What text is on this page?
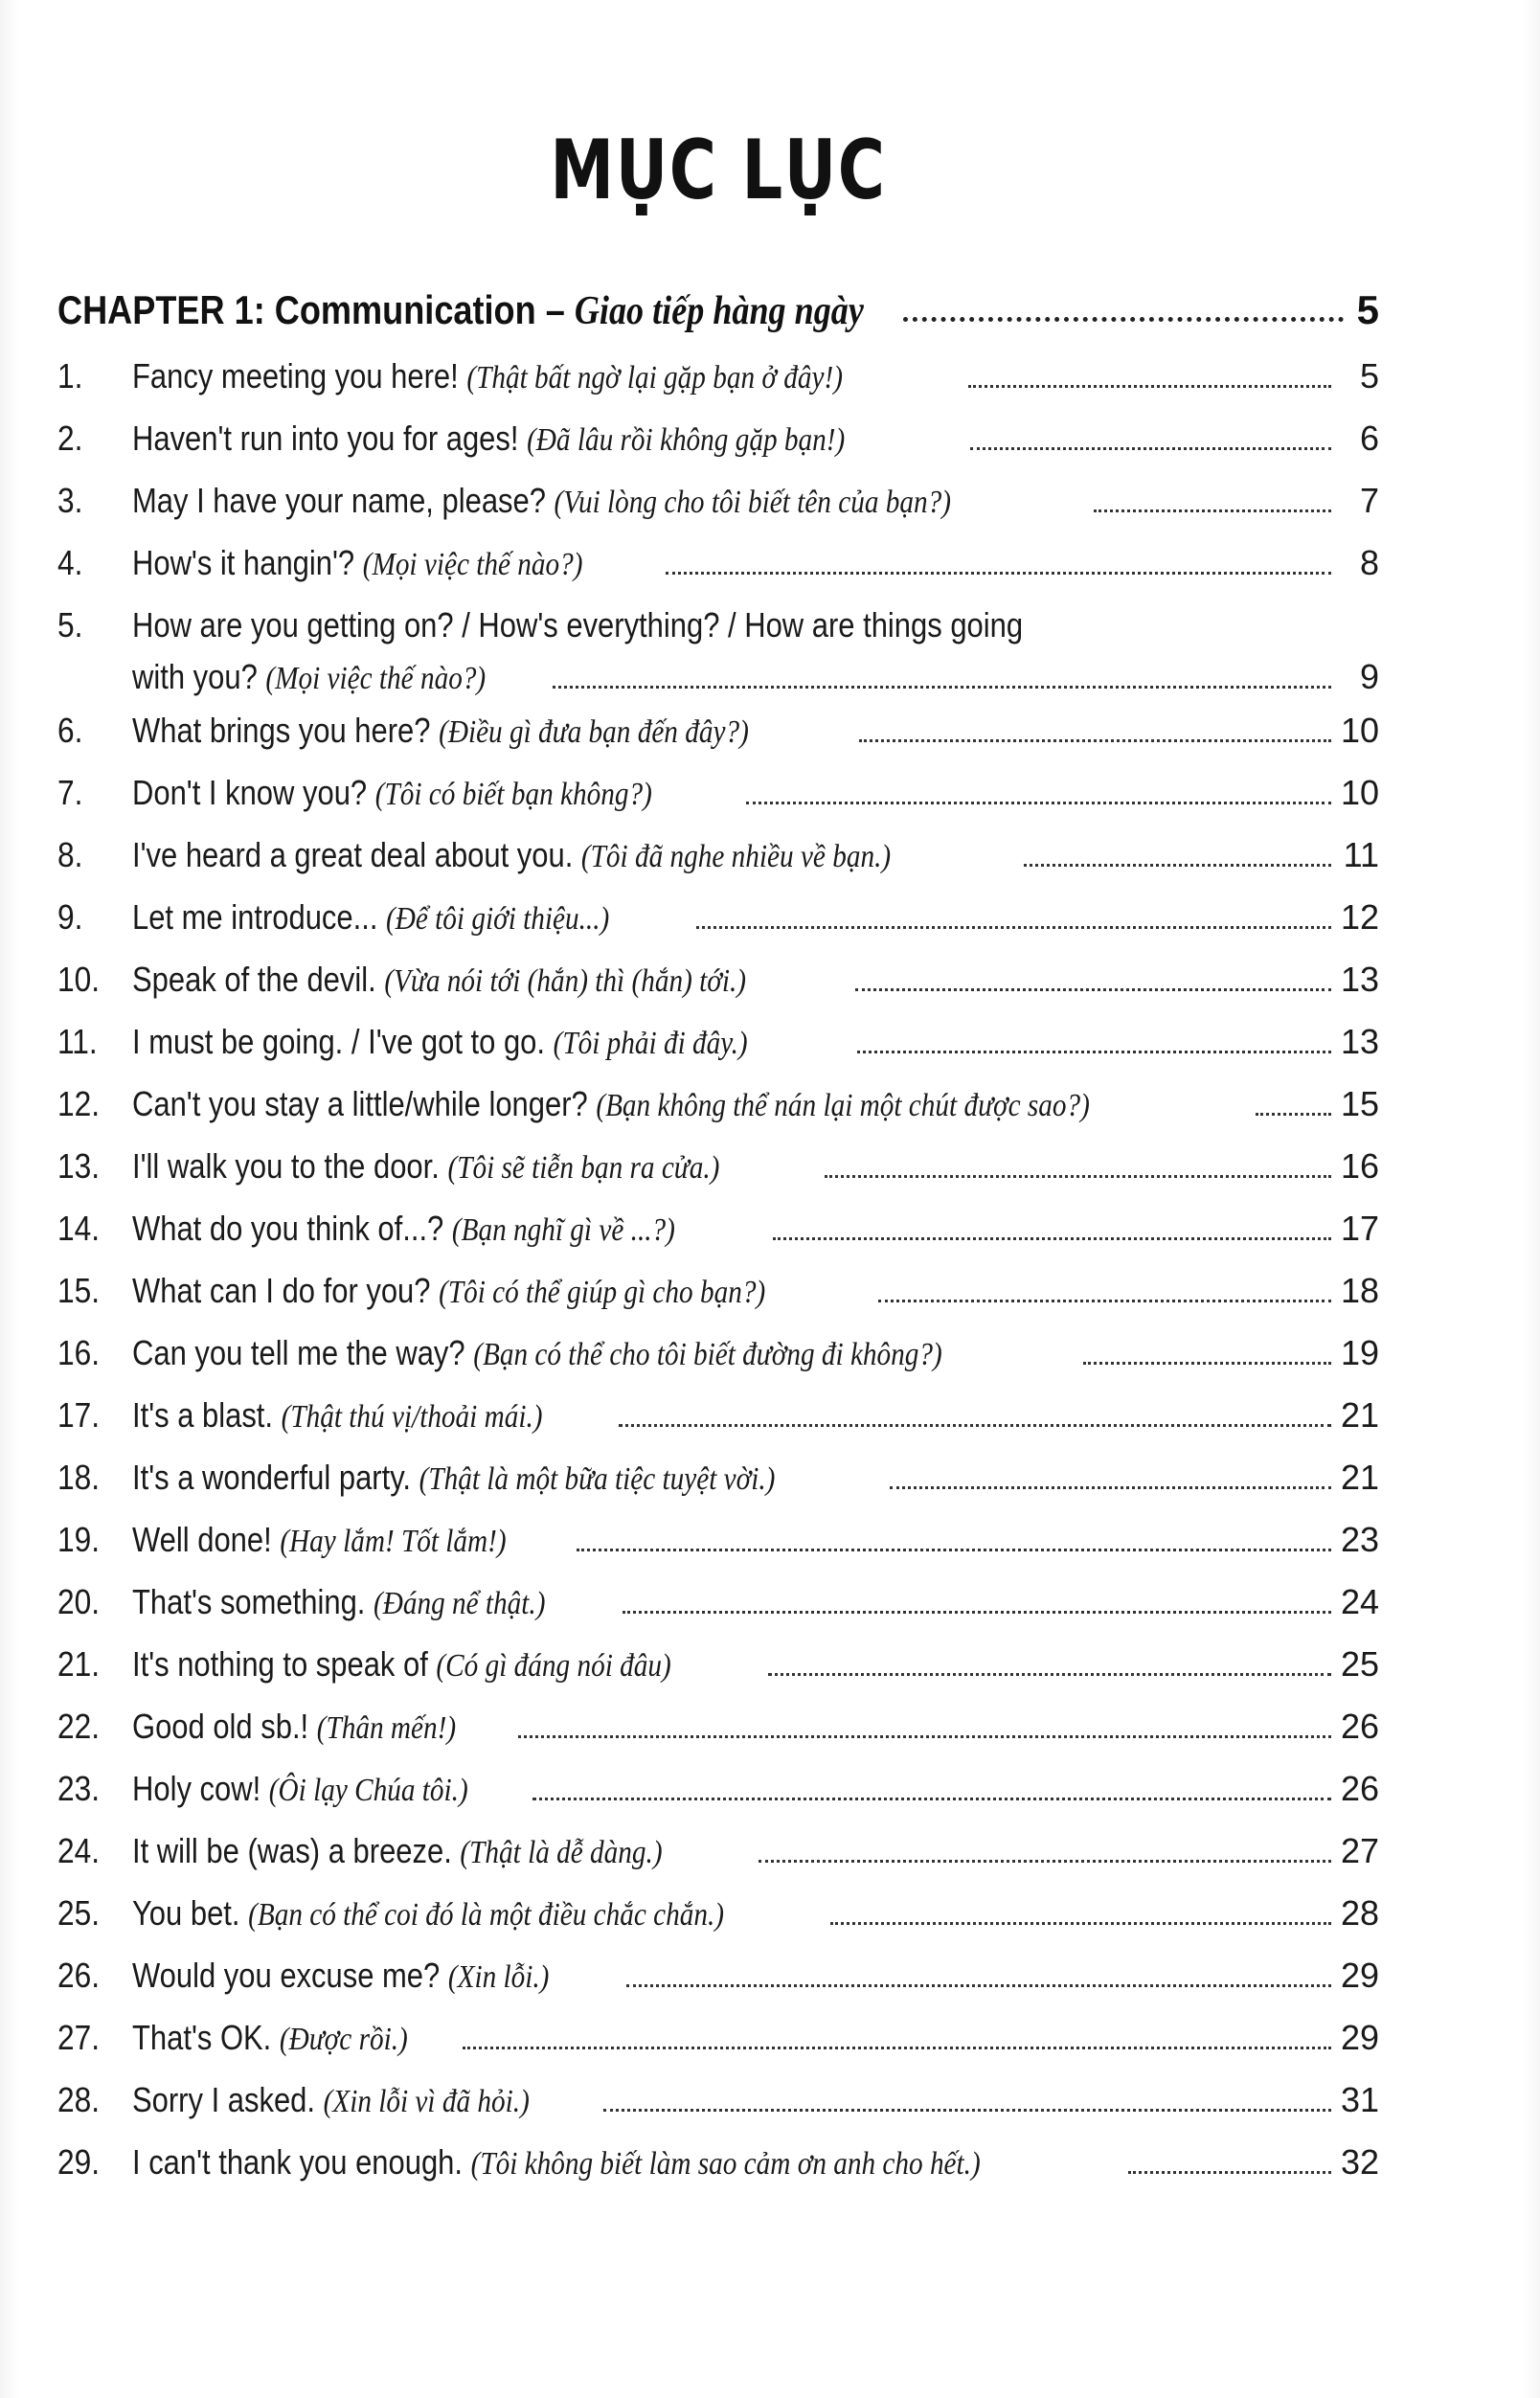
MỤC LỤC
CHAPTER 1: Communication – Giao tiếp hàng ngày	5
1.	Fancy meeting you here! (Thật bất ngờ lại gặp bạn ở đây!)	5
2.	Haven't run into you for ages! (Đã lâu rồi không gặp bạn!)	6
3.	May I have your name, please? (Vui lòng cho tôi biết tên của bạn?)	7
4.	How's it hangin'? (Mọi việc thế nào?)	8
5.	How are you getting on? / How's everything? / How are things going
with you? (Mọi việc thế nào?)	9
6.	What brings you here? (Điều gì đưa bạn đến đây?)	10
7.	Don't I know you? (Tôi có biết bạn không?)	10
8.	I've heard a great deal about you. (Tôi đã nghe nhiều về bạn.)	11
9.	Let me introduce... (Để tôi giới thiệu...)	12
10. Speak of the devil. (Vừa nói tới (hắn) thì (hắn) tới.)	13
11.	I must be going. / I've got to go. (Tôi phải đi đây.)	13
12. Can't you stay a little/while longer? (Bạn không thể nán lại một chút được sao?)	15
13. I'll walk you to the door. (Tôi sẽ tiễn bạn ra cửa.)	16
14. What do you think of...? (Bạn nghĩ gì về ...?)	17
15. What can I do for you? (Tôi có thể giúp gì cho bạn?)	18
16. Can you tell me the way? (Bạn có thể cho tôi biết đường đi không?)	19
17. It's a blast. (Thật thú vị/thoải mái.)	21
18. It's a wonderful party. (Thật là một bữa tiệc tuyệt vời.)	21
19. Well done! (Hay lắm! Tốt lắm!)	23
20. That's something. (Đáng nể thật.)	24
21. It's nothing to speak of (Có gì đáng nói đâu)	25
22. Good old sb.! (Thân mến!)	26
23. Holy cow! (Ôi lạy Chúa tôi.)	26
24. It will be (was) a breeze. (Thật là dễ dàng.)	27
25. You bet. (Bạn có thể coi đó là một điều chắc chắn.)	28
26. Would you excuse me? (Xin lỗi.)	29
27. That's OK. (Được rồi.)	29
28. Sorry I asked. (Xin lỗi vì đã hỏi.)	31
29. I can't thank you enough. (Tôi không biết làm sao cảm ơn anh cho hết.)	32
